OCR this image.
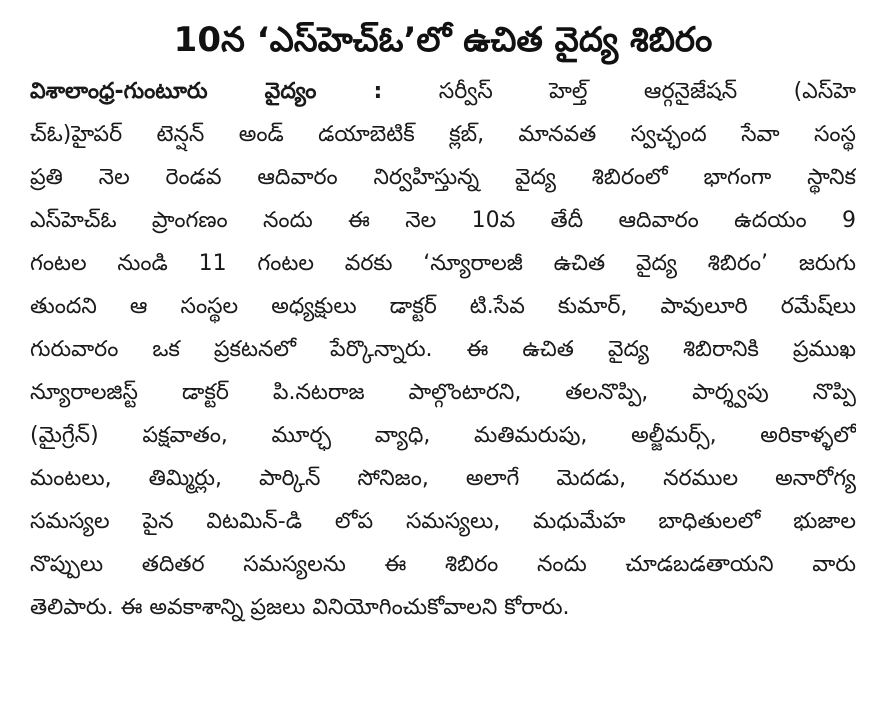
10న ‘ఎస్‌హెచ్‌ఓ’లో ఉచిత వైద్య శిబిరం
విశాలాంధ్ర-గుంటూరు వైద్యం :	సర్వీస్ హెల్త్ ఆర్గనైజేషన్ (ఎస్‌హె
చ్‌ఓ)హైపర్ టెన్షన్ అండ్ డయాబెటిక్ క్లబ్, మానవత స్వచ్ఛంద సేవా సంస్థ
ప్రతి నెల రెండవ ఆదివారం నిర్వహిస్తున్న వైద్య శిబిరంలో భాగంగా స్థానిక
ఎస్‌హెచ్‌ఓ ప్రాంగణం నందు ఈ నెల 10వ తేదీ ఆదివారం ఉదయం 9
గంటల నుండి 11 గంటల వరకు ‘న్యూరాలజీ ఉచిత వైద్య శిబిరం’ జరుగు
తుందని ఆ సంస్థల అధ్యక్షులు డాక్టర్ టి.సేవ కుమార్, పావులూరి రమేష్‌లు
గురువారం ఒక ప్రకటనలో పేర్కొన్నారు. ఈ ఉచిత వైద్య శిబిరానికి ప్రముఖ
న్యూరాలజిస్ట్ డాక్టర్ పి.నటరాజ పాల్గొంటారని, తలనొప్పి, పార్శ్వపు నొప్పి
(మైగ్రేన్) పక్షవాతం, మూర్ఛ వ్యాధి, మతిమరుపు, అల్జీమర్స్, అరికాళ్ళలో
మంటలు, తిమ్మిర్లు, పార్కిన్ సోనిజం, అలాగే మెదడు, నరముల అనారోగ్య
సమస్యల పైన విటమిన్-డి లోప సమస్యలు, మధుమేహ బాధితులలో భుజాల
నొప్పులు తదితర సమస్యలను ఈ శిబిరం నందు చూడబడతాయని వారు
తెలిపారు. ఈ అవకాశాన్ని ప్రజలు వినియోగించుకోవాలని కోరారు.
